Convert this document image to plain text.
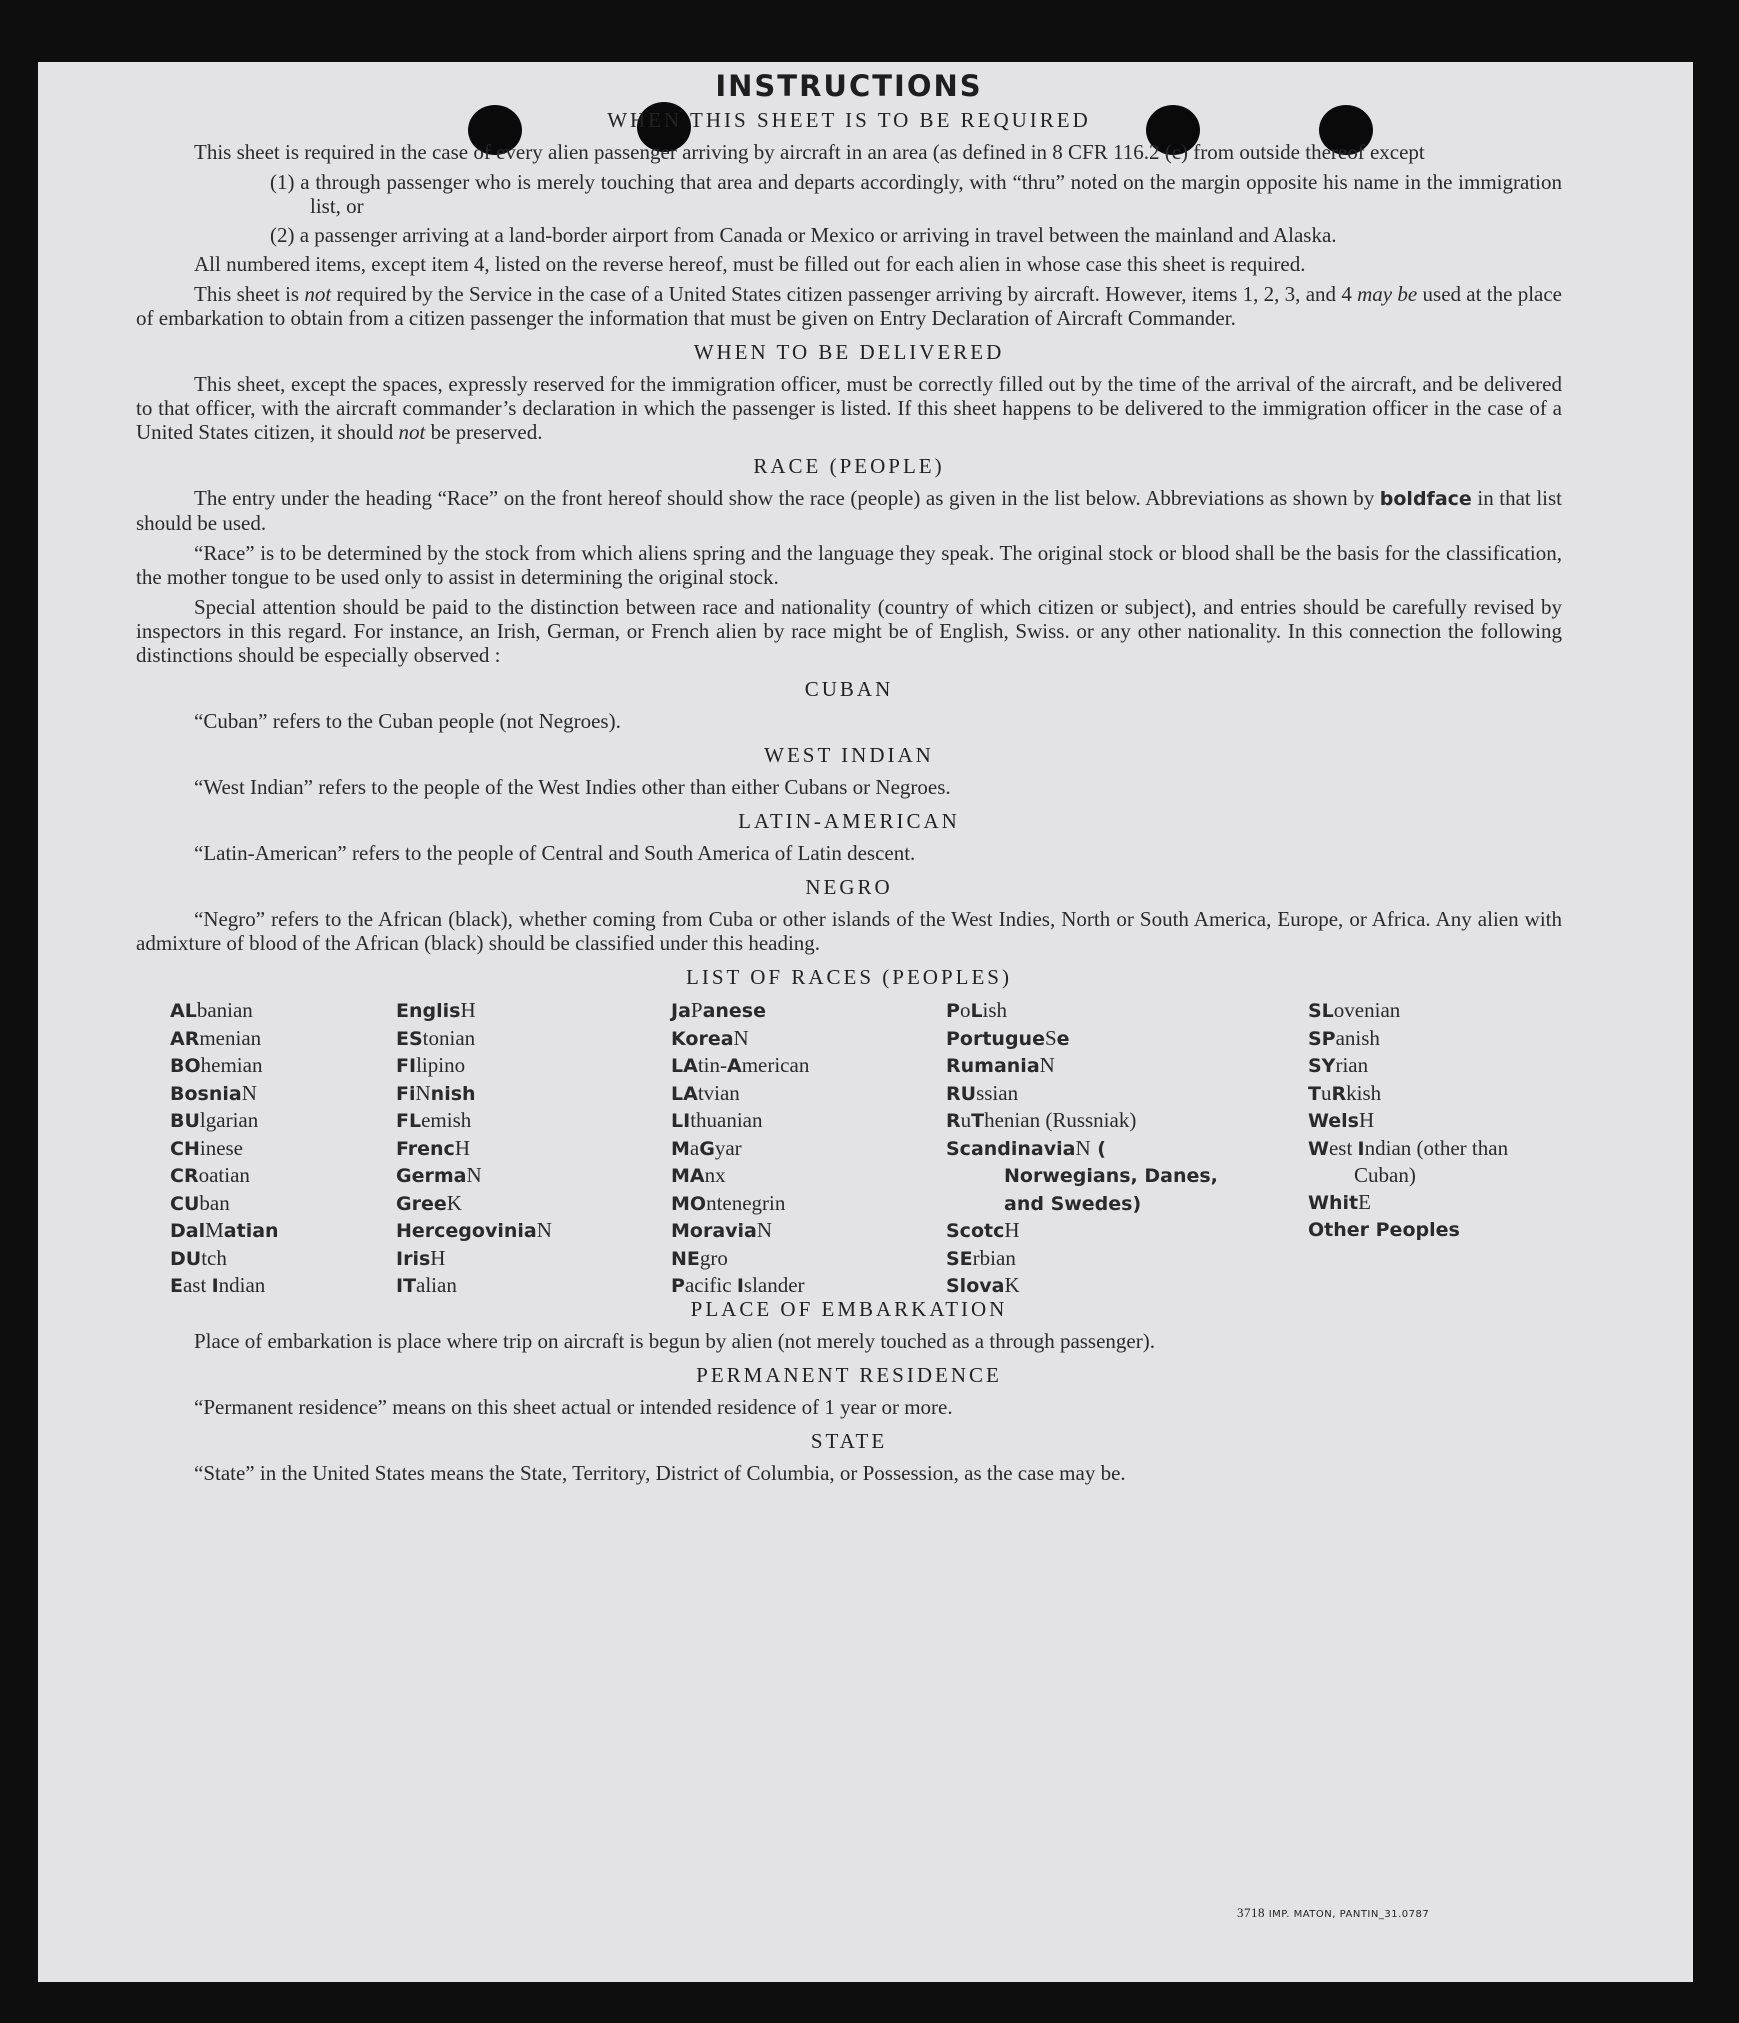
INSTRUCTIONS
WHEN THIS SHEET IS TO BE REQUIRED

This sheet is required in the case of every alien passenger arriving by aircraft in an area (as defined in 8 CFR 116.2 (c) from outside thereof except

(1) a through passenger who is merely touching that area and departs accordingly, with “thru” noted on the margin opposite his name in the immigration list, or
(2) a passenger arriving at a land-border airport from Canada or Mexico or arriving in travel between the mainland and Alaska.

All numbered items, except item 4, listed on the reverse hereof, must be filled out for each alien in whose case this sheet is required.

This sheet is not required by the Service in the case of a United States citizen passenger arriving by aircraft. However, items 1, 2, 3, and 4 may be used at the place of embarkation to obtain from a citizen passenger the information that must be given on Entry Declaration of Aircraft Commander.

WHEN TO BE DELIVERED

This sheet, except the spaces, expressly reserved for the immigration officer, must be correctly filled out by the time of the arrival of the aircraft, and be delivered to that officer, with the aircraft commander’s declaration in which the passenger is listed. If this sheet happens to be delivered to the immigration officer in the case of a United States citizen, it should not be preserved.

RACE (PEOPLE)

The entry under the heading “Race” on the front hereof should show the race (people) as given in the list below. Abbreviations as shown by boldface in that list should be used.

“Race” is to be determined by the stock from which aliens spring and the language they speak. The original stock or blood shall be the basis for the classification, the mother tongue to be used only to assist in determining the original stock.

Special attention should be paid to the distinction between race and nationality (country of which citizen or subject), and entries should be carefully revised by inspectors in this regard. For instance, an Irish, German, or French alien by race might be of English, Swiss. or any other nationality. In this connection the following distinctions should be especially observed :

CUBAN

“Cuban” refers to the Cuban people (not Negroes).

WEST INDIAN

“West Indian” refers to the people of the West Indies other than either Cubans or Negroes.

LATIN-AMERICAN

“Latin-American” refers to the people of Central and South America of Latin descent.

NEGRO

“Negro” refers to the African (black), whether coming from Cuba or other islands of the West Indies, North or South America, Europe, or Africa. Any alien with admixture of blood of the African (black) should be classified under this heading.

LIST OF RACES (PEOPLES)
ALbanian
ARmenian
BOhemian
BosniaN
BUlgarian
CHinese
CRoatian
CUban
DalMatian
DUtch
East Indian
EnglisH
EStonian
FIlipino
FiNnish
FLemish
FrencH
GermaN
GreeK
HercegoviniaN
IrisH
ITalian
JaPanese
KoreaN
LAtin-American
LAtvian
LIthuanian
MaGyar
MAnx
MOntenegrin
MoraviaN
NEgro
Pacific Islander
PoLish
PortugueSe
RumaniaN
RUssian
RuThenian (Russniak)
ScandinaviaN ( Norwegians, Danes, and Swedes)
ScotcH
SErbian
SlovaK
SLovenian
SPanish
SYrian
TuRkish
WelsH
West Indian (other than Cuban)
WhitE
Other Peoples
PLACE OF EMBARKATION

Place of embarkation is place where trip on aircraft is begun by alien (not merely touched as a through passenger).

PERMANENT RESIDENCE

“Permanent residence” means on this sheet actual or intended residence of 1 year or more.

STATE

“State” in the United States means the State, Territory, District of Columbia, or Possession, as the case may be.

3718 IMP. MATON, PANTIN_31.0787
